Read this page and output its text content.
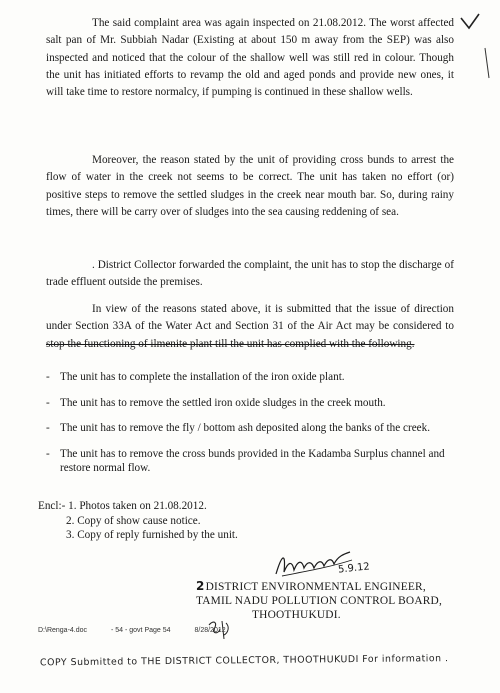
The said complaint area was again inspected on 21.08.2012. The worst affected salt pan of Mr. Subbiah Nadar (Existing at about 150 m away from the SEP) was also inspected and noticed that the colour of the shallow well was still red in colour. Though the unit has initiated efforts to revamp the old and aged ponds and provide new ones, it will take time to restore normalcy, if pumping is continued in these shallow wells.

Moreover, the reason stated by the unit of providing cross bunds to arrest the flow of water in the creek not seems to be correct. The unit has taken no effort (or) positive steps to remove the settled sludges in the creek near mouth bar. So, during rainy times, there will be carry over of sludges into the sea causing reddening of sea.

. District Collector forwarded the complaint, the unit has to stop the discharge of trade effluent outside the premises.

In view of the reasons stated above, it is submitted that the issue of direction under Section 33A of the Water Act and Section 31 of the Air Act may be considered to stop the functioning of ilmenite plant till the unit has complied with the following.

- The unit has to complete the installation of the iron oxide plant.
- The unit has to remove the settled iron oxide sludges in the creek mouth.
- The unit has to remove the fly / bottom ash deposited along the banks of the creek.
- The unit has to remove the cross bunds provided in the Kadamba Surplus channel and restore normal flow.
Encl:- 1. Photos taken on 21.08.2012.
2. Copy of show cause notice.
3. Copy of reply furnished by the unit.
5.9.12
2DISTRICT ENVIRONMENTAL ENGINEER,
TAMIL NADU POLLUTION CONTROL BOARD,
THOOTHUKUDI.
D:\Renga-4.doc	- 54 - govt Page 54	8/28/2012
COPY Submitted to THE DISTRICT COLLECTOR, THOOTHUKUDI For information .
